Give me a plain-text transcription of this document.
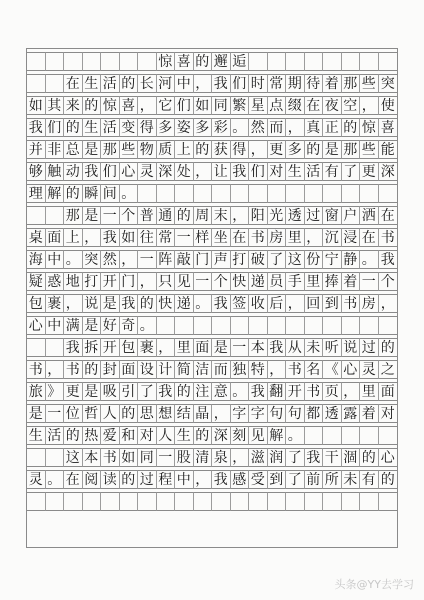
惊 喜 的 邂 逅
在 生 活 的 长 河 中 ， 我 们 时 常 期 待 着 那 些 突
如 其 来 的 惊 喜 ， 它 们 如 同 繁 星 点 缀 在 夜 空 ， 使
我 们 的 生 活 变 得 多 姿 多 彩 。 然 而 ， 真 正 的 惊 喜
并 非 总 是 那 些 物 质 上 的 获 得 ， 更 多 的 是 那 些 能
够 触 动 我 们 心 灵 深 处 ， 让 我 们 对 生 活 有 了 更 深
理 解 的 瞬 间 。
那 是 一 个 普 通 的 周 末 ， 阳 光 透 过 窗 户 洒 在
桌 面 上 ， 我 如 往 常 一 样 坐 在 书 房 里 ， 沉 浸 在 书
海 中 。 突 然 ， 一 阵 敲 门 声 打 破 了 这 份 宁 静 。 我
疑 惑 地 打 开 门 ， 只 见 一 个 快 递 员 手 里 捧 着 一 个
包 裹 ， 说 是 我 的 快 递 。 我 签 收 后 ， 回 到 书 房 ，
心 中 满 是 好 奇 。
我 拆 开 包 裹 ， 里 面 是 一 本 我 从 未 听 说 过 的
书 ， 书 的 封 面 设 计 简 洁 而 独 特 ， 书 名 《 心 灵 之
旅 》 更 是 吸 引 了 我 的 注 意 。 我 翻 开 书 页 ， 里 面
是 一 位 哲 人 的 思 想 结 晶 ， 字 字 句 句 都 透 露 着 对
生 活 的 热 爱 和 对 人 生 的 深 刻 见 解 。
这 本 书 如 同 一 股 清 泉 ， 滋 润 了 我 干 涸 的 心
灵 。 在 阅 读 的 过 程 中 ， 我 感 受 到 了 前 所 未 有 的
头条@YY去学习
